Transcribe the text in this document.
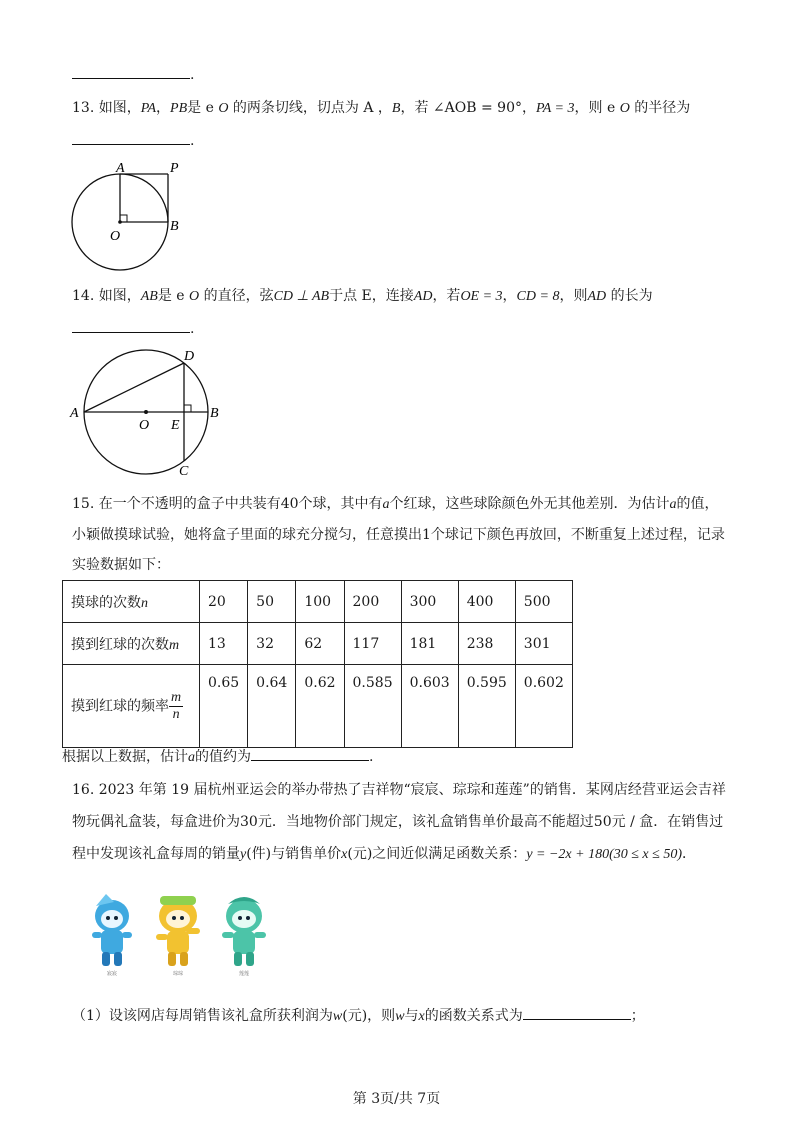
.
13. 如图，PA，PB是 e O 的两条切线，切点为 A ，B，若 ∠AOB = 90°，PA = 3，则 e O 的半径为
.
A	P
O
B
14. 如图，AB是 e O 的直径，弦CD ⊥ AB于点 E，连接AD，若OE = 3，CD = 8，则AD 的长为
.
D
A
O E
B
C
15. 在一个不透明的盒子中共装有40个球，其中有a个红球，这些球除颜色外无其他差别．为估计a的值，
小颖做摸球试验，她将盒子里面的球充分搅匀，任意摸出1个球记下颜色再放回，不断重复上述过程，记录
实验数据如下：
摸球的次数n	20	50	100	200	300	400	500
摸到红球的次数m	13	32	62	117	181	238	301
摸到红球的频率 $\frac{m}{n}$	0.65	0.64	0.62	0.585	0.603	0.595	0.602
根据以上数据，估计a的值约为	.
16. 2023 年第 19 届杭州亚运会的举办带热了吉祥物“宸宸、琮琮和莲莲”的销售．某网店经营亚运会吉祥
物玩偶礼盒装，每盒进价为30元．当地物价部门规定，该礼盒销售单价最高不能超过50元 / 盒．在销售过
程中发现该礼盒每周的销量y(件)与销售单价x(元)之间近似满足函数关系：y = −2x + 180(30 ≤ x ≤ 50)．
宸宸	琮琮	莲莲
（1）设该网店每周销售该礼盒所获利润为w(元)，则w与x的函数关系式为	；
第 3页/共 7页
